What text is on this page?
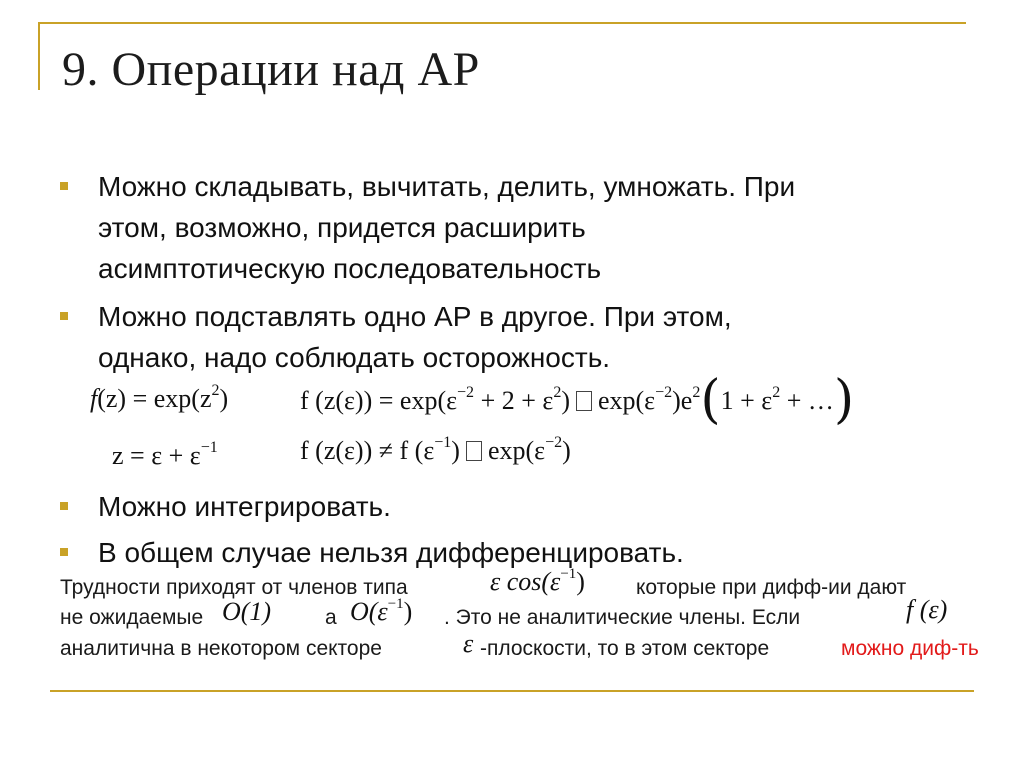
9. Операции над АР
Можно складывать, вычитать, делить, умножать. При
этом, возможно, придется расширить
асимптотическую последовательность
Можно подставлять одно АР в другое. При этом,
однако, надо соблюдать осторожность.
$f(z) = \exp(z^2)$	f $(z(\varepsilon)) = \exp(\varepsilon^{-2} + 2 + \varepsilon^2) \exp(\varepsilon^{-2})e^2(1 + \varepsilon^2$ + …)
$z = \varepsilon + \varepsilon^{-1}$	f (z(ε)) ≠ f $(\varepsilon^{-1})$ $\exp(\varepsilon^{-2})$
Можно интегрировать.
В общем случае нельзя дифференцировать.
Трудности приходят от членов типа	ε $\cos(\varepsilon^{-1})$ которые при дифф-ии дают
не ожидаемые O(1)	а $O(\varepsilon^{-1})$ . Это не аналитические члены. Если	f (ε)
аналитична в некотором секторе	ε -плоскости, то в этом секторе	можно диф-ть
